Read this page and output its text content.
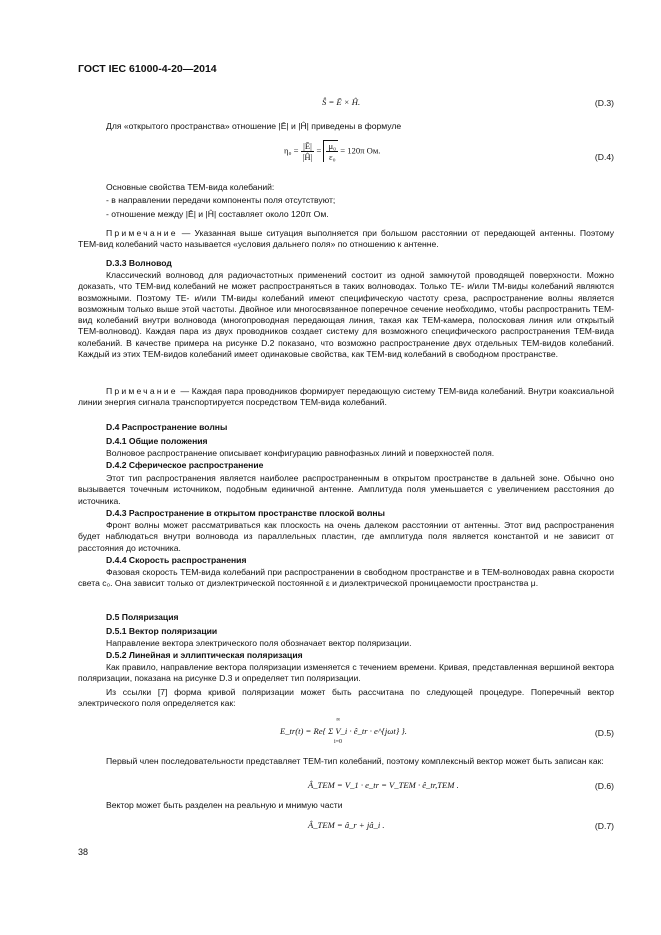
ГОСТ IEC 61000-4-20—2014
Ŝ = Ē × Ĥ.	(D.3)
Для «открытого пространства» отношение |Ē| и |Ĥ| приведены в формуле
$\eta_0 = \frac{|Ē|}{|Ĥ|} = \frac{\text{μ₀}}{\text{ε₀}} = 120\pi$ Ом.
(D.4)
Основные свойства ТЕМ-вида колебаний:
- в направлении передачи компоненты поля отсутствуют;
- отношение между |Ē| и |Ĥ| составляет около 120π Ом.
Примечание — Указанная выше ситуация выполняется при большом расстоянии от передающей антенны. Поэтому ТЕМ-вид колебаний часто называется «условия дальнего поля» по отношению к антенне.
D.3.3 Волновод
Классический волновод для радиочастотных применений состоит из одной замкнутой проводящей поверхности. Можно доказать, что ТЕМ-вид колебаний не может распространяться в таких волноводах. Только ТЕ- и/или ТМ-виды колебаний являются возможными. Поэтому ТЕ- и/или ТМ-виды колебаний имеют специфическую частоту среза, распространение волны является возможным только выше этой частоты. Двойное или многосвязанное поперечное сечение необходимо, чтобы распространить ТЕМ-вид колебаний внутри волновода (многопроводная передающая линия, такая как ТЕМ-камера, полосковая линия или открытый ТЕМ-волновод). Каждая пара из двух проводников создает систему для возможного специфического распространения ТЕМ-вида колебаний. В качестве примера на рисунке D.2 показано, что возможно распространение двух отдельных ТЕМ-видов колебаний. Каждый из этих ТЕМ-видов колебаний имеет одинаковые свойства, как ТЕМ-вид колебаний в свободном пространстве.
Примечание — Каждая пара проводников формирует передающую систему ТЕМ-вида колебаний. Внутри коаксиальной линии энергия сигнала транспортируется посредством ТЕМ-вида колебаний.
D.4 Распространение волны
D.4.1 Общие положения
Волновое распространение описывает конфигурацию равнофазных линий и поверхностей поля.
D.4.2 Сферическое распространение
Этот тип распространения является наиболее распространенным в открытом пространстве в дальней зоне. Обычно оно вызывается точечным источником, подобным единичной антенне. Амплитуда поля уменьшается с увеличением расстояния до источника.
D.4.3 Распространение в открытом пространстве плоской волны
Фронт волны может рассматриваться как плоскость на очень далеком расстоянии от антенны. Этот вид распространения будет наблюдаться внутри волновода из параллельных пластин, где амплитуда поля является константой и не зависит от расстояния до источника.
D.4.4 Скорость распространения
Фазовая скорость ТЕМ-вида колебаний при распространении в свободном пространстве и в ТЕМ-волноводах равна скорости света c₀. Она зависит только от диэлектрической постоянной ε и диэлектрической проницаемости пространства μ.
D.5 Поляризация
D.5.1 Вектор поляризации
Направление вектора электрического поля обозначает вектор поляризации.
D.5.2 Линейная и эллиптическая поляризация
Как правило, направление вектора поляризации изменяется с течением времени. Кривая, представленная вершиной вектора поляризации, показана на рисунке D.3 и определяет тип поляризации.
Из ссылки [7] форма кривой поляризации может быть рассчитана по следующей процедуре. Поперечный вектор электрического поля определяется как:
E_tr(t) = Re{ Σ V_i · ê_tr · e^{jωt} }.
∞
i=0
(D.5)
Первый член последовательности представляет ТЕМ-тип колебаний, поэтому комплексный вектор может быть записан как:
Â_TEM = V_1 · e_tr = V_TEM · ê_tr,TEM .	(D.6)
Вектор может быть разделен на реальную и мнимую части
Â_TEM = â_r + jâ_i .	(D.7)
38
